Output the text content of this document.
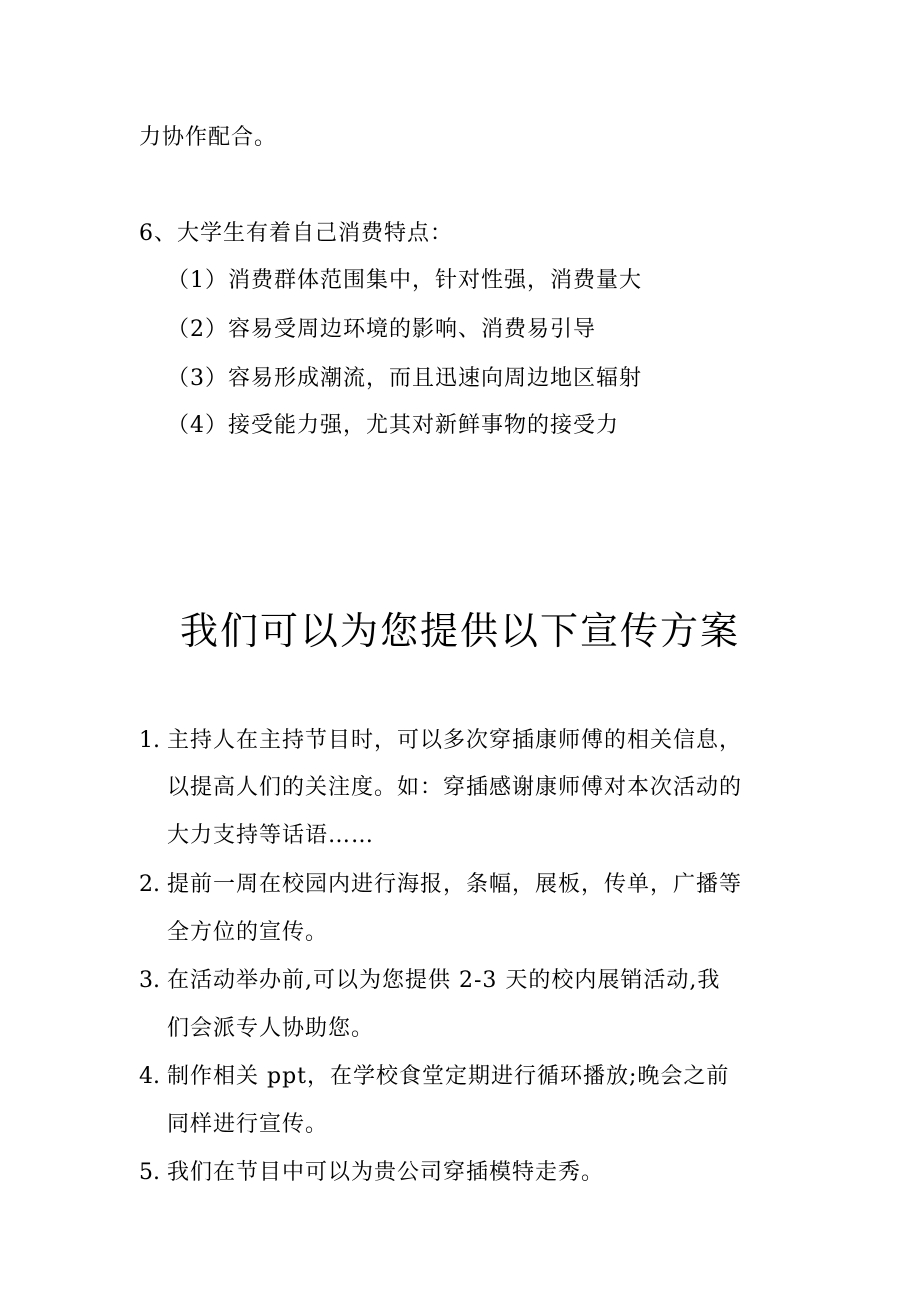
力协作配合。
6、大学生有着自己消费特点：
（1）消费群体范围集中，针对性强，消费量大
（2）容易受周边环境的影响、消费易引导
（3）容易形成潮流，而且迅速向周边地区辐射
（4）接受能力强，尤其对新鲜事物的接受力
我们可以为您提供以下宣传方案
1. 主持人在主持节目时，可以多次穿插康师傅的相关信息，
以提高人们的关注度。如：穿插感谢康师傅对本次活动的
大力支持等话语……
2. 提前一周在校园内进行海报，条幅，展板，传单，广播等
全方位的宣传。
3. 在活动举办前,可以为您提供 2-3 天的校内展销活动,我
们会派专人协助您。
4. 制作相关 ppt，在学校食堂定期进行循环播放;晚会之前
同样进行宣传。
5. 我们在节目中可以为贵公司穿插模特走秀。
